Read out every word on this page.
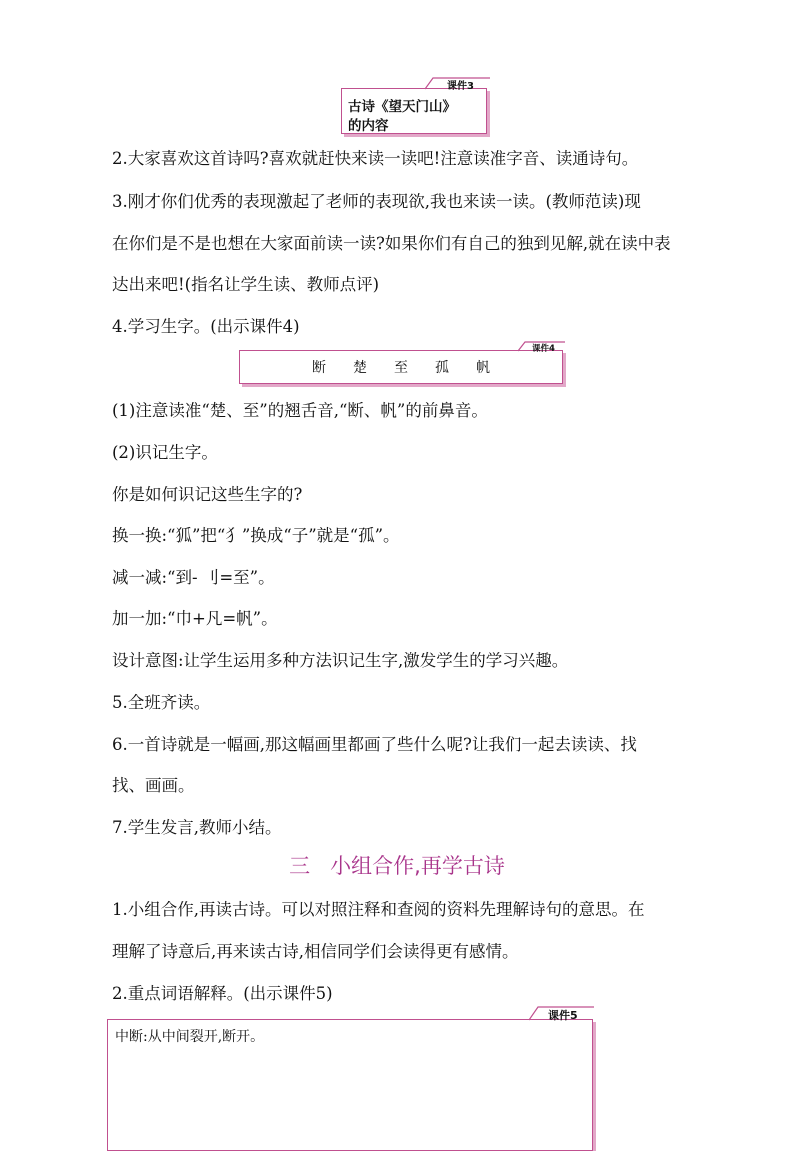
课件3
古诗《望天门山》
的内容
2.大家喜欢这首诗吗?喜欢就赶快来读一读吧!注意读准字音、读通诗句。
3.刚才你们优秀的表现激起了老师的表现欲,我也来读一读。(教师范读)现
在你们是不是也想在大家面前读一读?如果你们有自己的独到见解,就在读中表
达出来吧!(指名让学生读、教师点评)
4.学习生字。(出示课件4)
课件4
断 楚 至 孤 帆
(1)注意读准“楚、至”的翘舌音,“断、帆”的前鼻音。
(2)识记生字。
你是如何识记这些生字的?
换一换:“狐”把“犭”换成“子”就是“孤”。
减一减:“到- 刂=至”。
加一加:“巾+凡=帆”。
设计意图:让学生运用多种方法识记生字,激发学生的学习兴趣。
5.全班齐读。
6.一首诗就是一幅画,那这幅画里都画了些什么呢?让我们一起去读读、找
找、画画。
7.学生发言,教师小结。
三   小组合作,再学古诗
1.小组合作,再读古诗。可以对照注释和查阅的资料先理解诗句的意思。在
理解了诗意后,再来读古诗,相信同学们会读得更有感情。
2.重点词语解释。(出示课件5)
课件5
中断:从中间裂开,断开。
